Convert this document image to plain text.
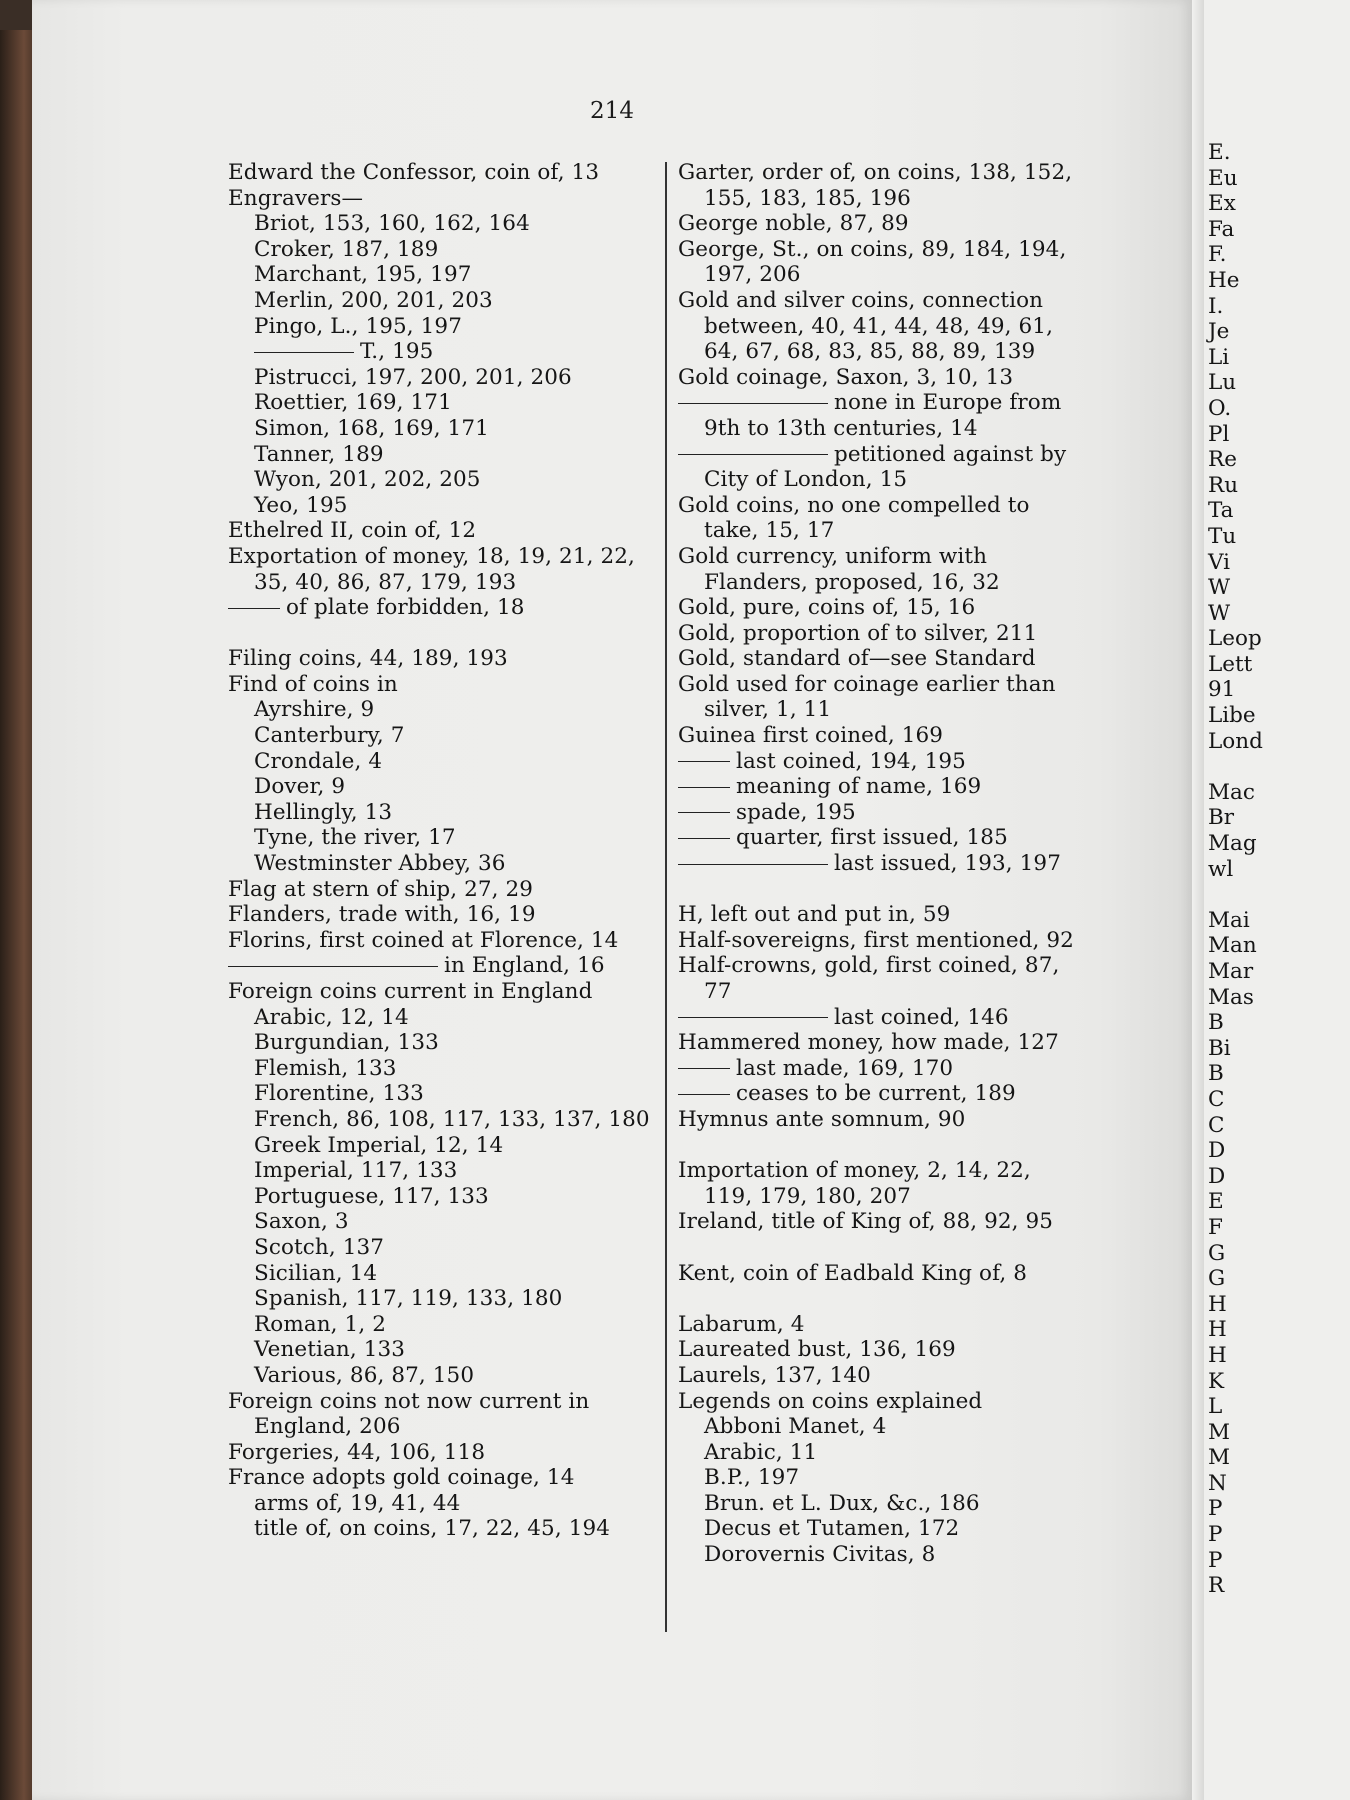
E.
Eu
Ex
Fa
F.
He
I.
Je
Li
Lu
O.
Pl
Re
Ru
Ta
Tu
Vi
W
W
Leop
Lett
91
Libe
Lond

Mac
Br
Mag
wl

Mai
Man
Mar
Mas
B
Bi
B
C
C
D
D
E
F
G
G
H
H
H
K
L
M
M
N
P
P
P
R
214
Edward the Confessor, coin of, 13
Engravers—
Briot, 153, 160, 162, 164
Croker, 187, 189
Marchant, 195, 197
Merlin, 200, 201, 203
Pingo, L., 195, 197
T., 195
Pistrucci, 197, 200, 201, 206
Roettier, 169, 171
Simon, 168, 169, 171
Tanner, 189
Wyon, 201, 202, 205
Yeo, 195
Ethelred II, coin of, 12
Exportation of money, 18, 19, 21, 22, 35, 40, 86, 87, 179, 193
of plate forbidden, 18
Filing coins, 44, 189, 193
Find of coins in
Ayrshire, 9
Canterbury, 7
Crondale, 4
Dover, 9
Hellingly, 13
Tyne, the river, 17
Westminster Abbey, 36
Flag at stern of ship, 27, 29
Flanders, trade with, 16, 19
Florins, first coined at Florence, 14
in England, 16
Foreign coins current in England
Arabic, 12, 14
Burgundian, 133
Flemish, 133
Florentine, 133
French, 86, 108, 117, 133, 137, 180
Greek Imperial, 12, 14
Imperial, 117, 133
Portuguese, 117, 133
Saxon, 3
Scotch, 137
Sicilian, 14
Spanish, 117, 119, 133, 180
Roman, 1, 2
Venetian, 133
Various, 86, 87, 150
Foreign coins not now current in England, 206
Forgeries, 44, 106, 118
France adopts gold coinage, 14
arms of, 19, 41, 44
title of, on coins, 17, 22, 45, 194
Garter, order of, on coins, 138, 152, 155, 183, 185, 196
George noble, 87, 89
George, St., on coins, 89, 184, 194, 197, 206
Gold and silver coins, connection between, 40, 41, 44, 48, 49, 61, 64, 67, 68, 83, 85, 88, 89, 139
Gold coinage, Saxon, 3, 10, 13
none in Europe from 9th to 13th centuries, 14
petitioned against by City of London, 15
Gold coins, no one compelled to take, 15, 17
Gold currency, uniform with Flanders, proposed, 16, 32
Gold, pure, coins of, 15, 16
Gold, proportion of to silver, 211
Gold, standard of—see Standard
Gold used for coinage earlier than silver, 1, 11
Guinea first coined, 169
last coined, 194, 195
meaning of name, 169
spade, 195
quarter, first issued, 185
last issued, 193, 197
H, left out and put in, 59
Half-sovereigns, first mentioned, 92
Half-crowns, gold, first coined, 87, 77
last coined, 146
Hammered money, how made, 127
last made, 169, 170
ceases to be current, 189
Hymnus ante somnum, 90
Importation of money, 2, 14, 22, 119, 179, 180, 207
Ireland, title of King of, 88, 92, 95
Kent, coin of Eadbald King of, 8
Labarum, 4
Laureated bust, 136, 169
Laurels, 137, 140
Legends on coins explained
Abboni Manet, 4
Arabic, 11
B.P., 197
Brun. et L. Dux, &c., 186
Decus et Tutamen, 172
Dorovernis Civitas, 8
